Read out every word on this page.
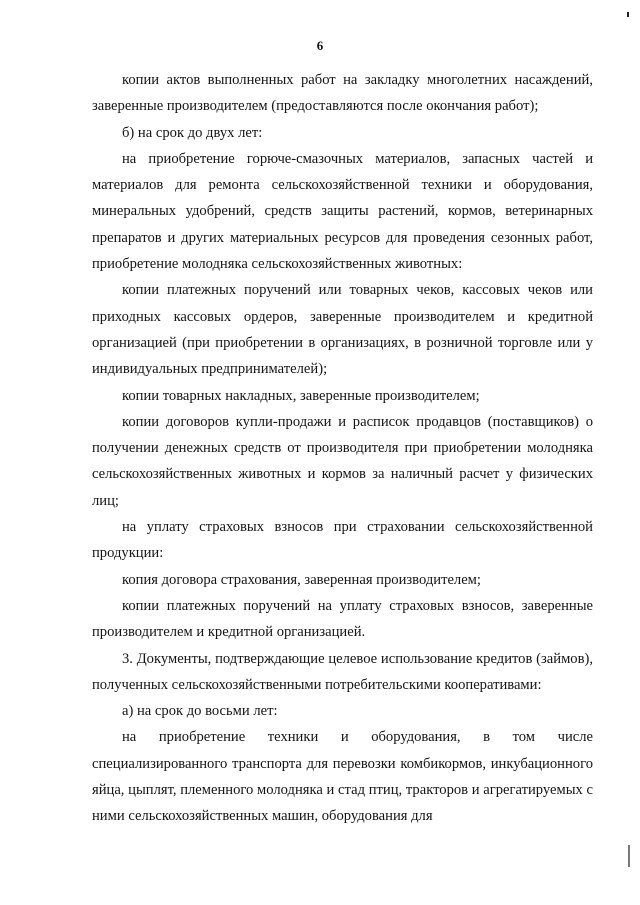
6

копии актов выполненных работ на закладку многолетних насаждений, заверенные производителем (предоставляются после окончания работ);

б) на срок до двух лет:

на приобретение горюче-смазочных материалов, запасных частей и материалов для ремонта сельскохозяйственной техники и оборудования, минеральных удобрений, средств защиты растений, кормов, ветеринарных препаратов и других материальных ресурсов для проведения сезонных работ, приобретение молодняка сельскохозяйственных животных:

копии платежных поручений или товарных чеков, кассовых чеков или приходных кассовых ордеров, заверенные производителем и кредитной организацией (при приобретении в организациях, в розничной торговле или у индивидуальных предпринимателей);

копии товарных накладных, заверенные производителем;

копии договоров купли-продажи и расписок продавцов (поставщиков) о получении денежных средств от производителя при приобретении молодняка сельскохозяйственных животных и кормов за наличный расчет у физических лиц;

на уплату страховых взносов при страховании сельскохозяйственной продукции:

копия договора страхования, заверенная производителем;

копии платежных поручений на уплату страховых взносов, заверенные производителем и кредитной организацией.

3. Документы, подтверждающие целевое использование кредитов (займов), полученных сельскохозяйственными потребительскими кооперативами:

а) на срок до восьми лет:

на приобретение техники и оборудования, в том числе специализированного транспорта для перевозки комбикормов, инкубационного яйца, цыплят, племенного молодняка и стад птиц, тракторов и агрегатируемых с ними сельскохозяйственных машин, оборудования для
